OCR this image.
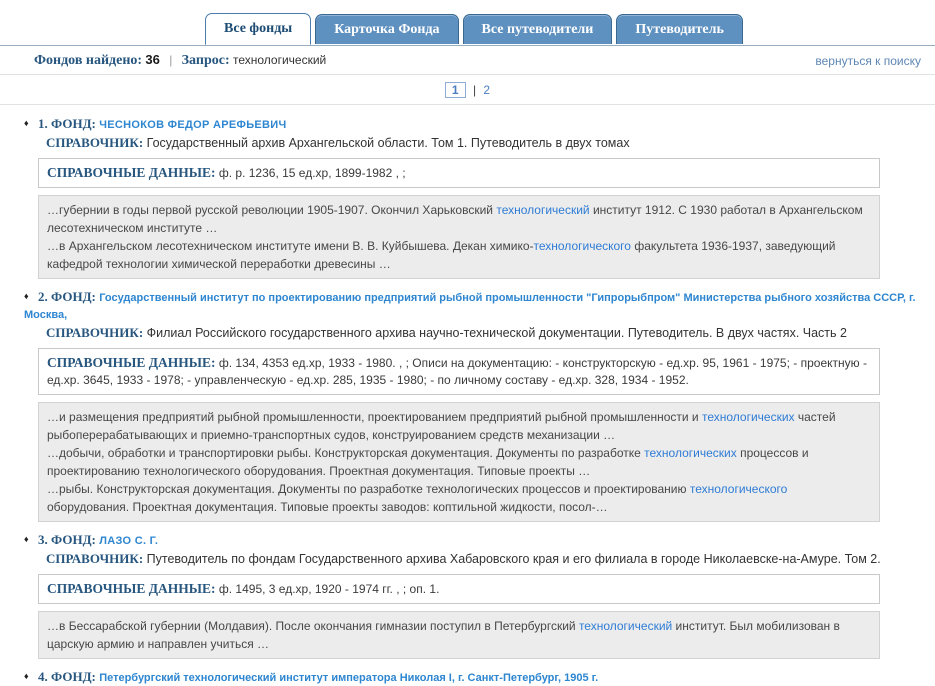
Все фонды	Карточка Фонда	Все путеводители	Путеводитель
Фондов найдено: 36 | Запрос: технологический	вернуться к поиску
1 | 2
♦ 1. ФОНД: ЧЕСНОКОВ ФЕДОР АРЕФЬЕВИЧ
СПРАВОЧНИК: Государственный архив Архангельской области. Том 1. Путеводитель в двух томах
СПРАВОЧНЫЕ ДАННЫЕ: ф. р. 1236, 15 ед.хр, 1899-1982 , ;
…губернии в годы первой русской революции 1905-1907. Окончил Харьковский технологический институт 1912. С 1930 работал в Архангельском лесотехническом институте …
…в Архангельском лесотехническом институте имени В. В. Куйбышева. Декан химико-технологического факультета 1936-1937, заведующий кафедрой технологии химической переработки древесины …
♦ 2. ФОНД: Государственный институт по проектированию предприятий рыбной промышленности "Гипрорыбпром" Министерства рыбного хозяйства СССР, г. Москва,
СПРАВОЧНИК: Филиал Российского государственного архива научно-технической документации. Путеводитель. В двух частях. Часть 2
СПРАВОЧНЫЕ ДАННЫЕ: ф. 134, 4353 ед.хр, 1933 - 1980. , ; Описи на документацию: - конструкторскую - ед.хр. 95, 1961 - 1975; - проектную - ед.хр. 3645, 1933 - 1978; - управленческую - ед.хр. 285, 1935 - 1980; - по личному составу - ед.хр. 328, 1934 - 1952.
…и размещения предприятий рыбной промышленности, проектированием предприятий рыбной промышленности и технологических частей рыбоперерабатывающих и приемно-транспортных судов, конструированием средств механизации …
…добычи, обработки и транспортировки рыбы. Конструкторская документация. Документы по разработке технологических процессов и проектированию технологического оборудования. Проектная документация. Типовые проекты …
…рыбы. Конструкторская документация. Документы по разработке технологических процессов и проектированию технологического оборудования. Проектная документация. Типовые проекты заводов: коптильной жидкости, посол-…
♦ 3. ФОНД: ЛАЗО С. Г.
СПРАВОЧНИК: Путеводитель по фондам Государственного архива Хабаровского края и его филиала в городе Николаевске-на-Амуре. Том 2.
СПРАВОЧНЫЕ ДАННЫЕ: ф. 1495, 3 ед.хр, 1920 - 1974 гг. , ; оп. 1.
…в Бессарабской губернии (Молдавия). После окончания гимназии поступил в Петербургский технологический институт. Был мобилизован в царскую армию и направлен учиться …
♦ 4. ФОНД: Петербургский технологический институт императора Николая I, г. Санкт-Петербург, 1905 г.
